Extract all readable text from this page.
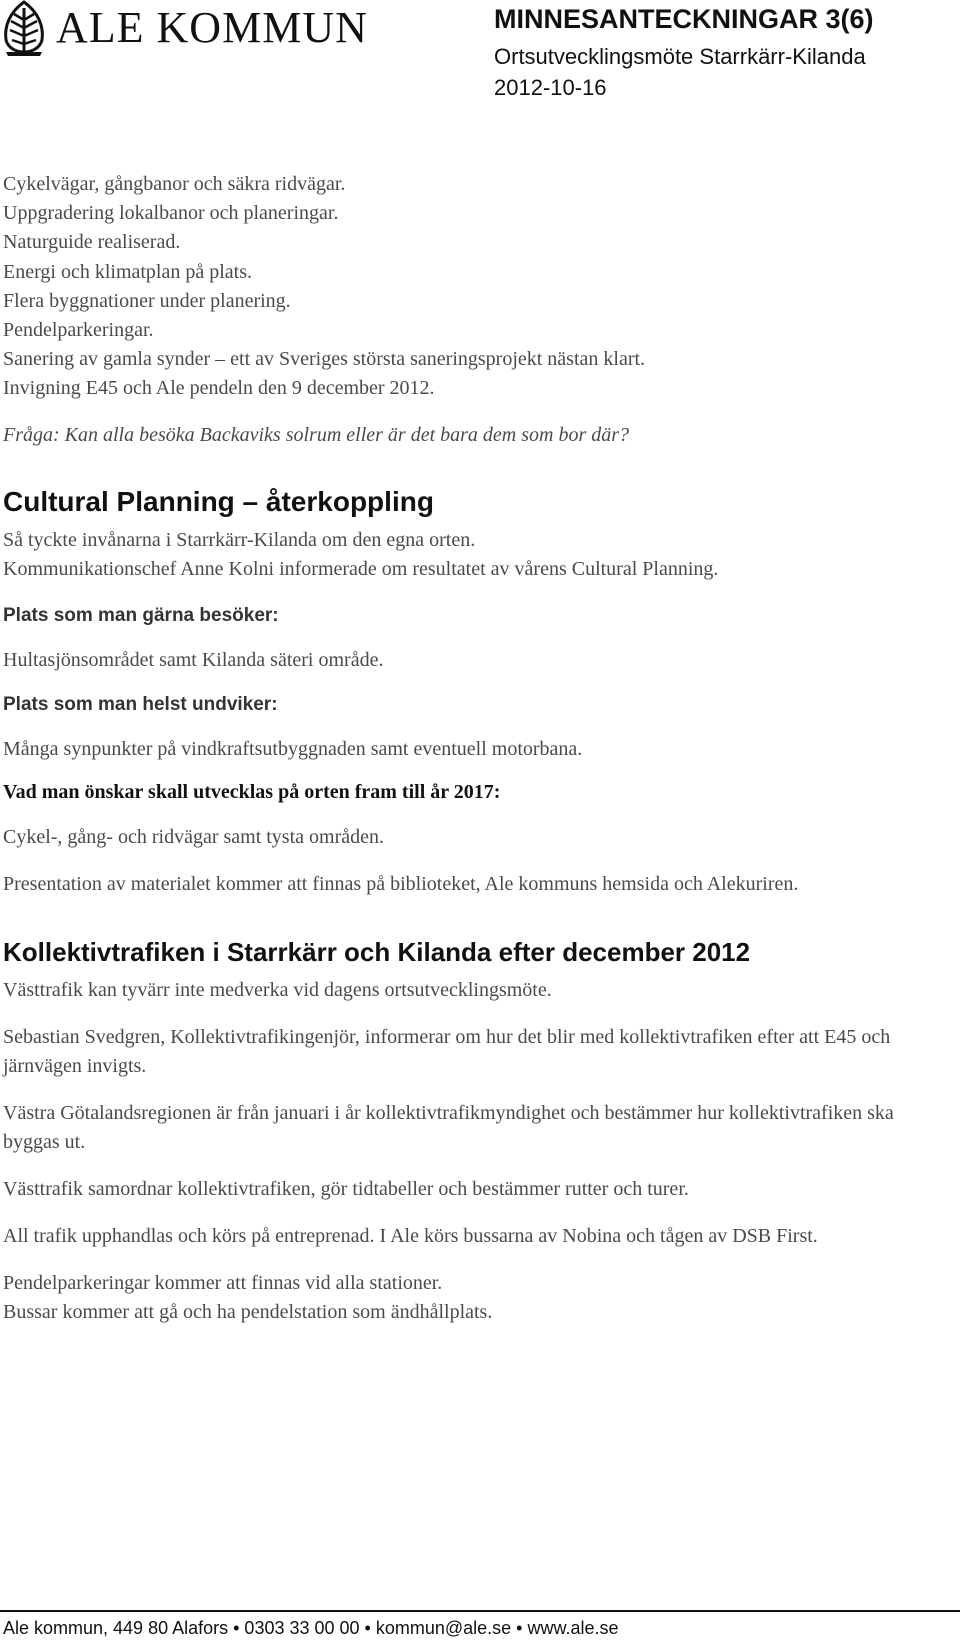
ALE KOMMUN	MINNESANTECKNINGAR 3(6)
Ortsutvecklingsmöte Starrkärr-Kilanda
2012-10-16

Cykelvägar, gångbanor och säkra ridvägar.

Uppgradering lokalbanor och planeringar.

Naturguide realiserad.

Energi och klimatplan på plats.

Flera byggnationer under planering.

Pendelparkeringar.

Sanering av gamla synder – ett av Sveriges största saneringsprojekt nästan klart.

Invigning E45 och Ale pendeln den 9 december 2012.

Fråga: Kan alla besöka Backaviks solrum eller är det bara dem som bor där?

Cultural Planning – återkoppling

Så tyckte invånarna i Starrkärr-Kilanda om den egna orten.

Kommunikationschef Anne Kolni informerade om resultatet av vårens Cultural Planning.

Plats som man gärna besöker:

Hultasjönsområdet samt Kilanda säteri område.

Plats som man helst undviker:

Många synpunkter på vindkraftsutbyggnaden samt eventuell motorbana.

Vad man önskar skall utvecklas på orten fram till år 2017:

Cykel-, gång- och ridvägar samt tysta områden.

Presentation av materialet kommer att finnas på biblioteket, Ale kommuns hemsida och Alekuriren.

Kollektivtrafiken i Starrkärr och Kilanda efter december 2012

Västtrafik kan tyvärr inte medverka vid dagens ortsutvecklingsmöte.

Sebastian Svedgren, Kollektivtrafikingenjör, informerar om hur det blir med kollektivtrafiken efter att E45 och järnvägen invigts.

Västra Götalandsregionen är från januari i år kollektivtrafikmyndighet och bestämmer hur kollektivtrafiken ska byggas ut.

Västtrafik samordnar kollektivtrafiken, gör tidtabeller och bestämmer rutter och turer.

All trafik upphandlas och körs på entreprenad. I Ale körs bussarna av Nobina och tågen av DSB First.

Pendelparkeringar kommer att finnas vid alla stationer.

Bussar kommer att gå och ha pendelstation som ändhållplats.

Ale kommun, 449 80 Alafors • 0303 33 00 00 • kommun@ale.se • www.ale.se
